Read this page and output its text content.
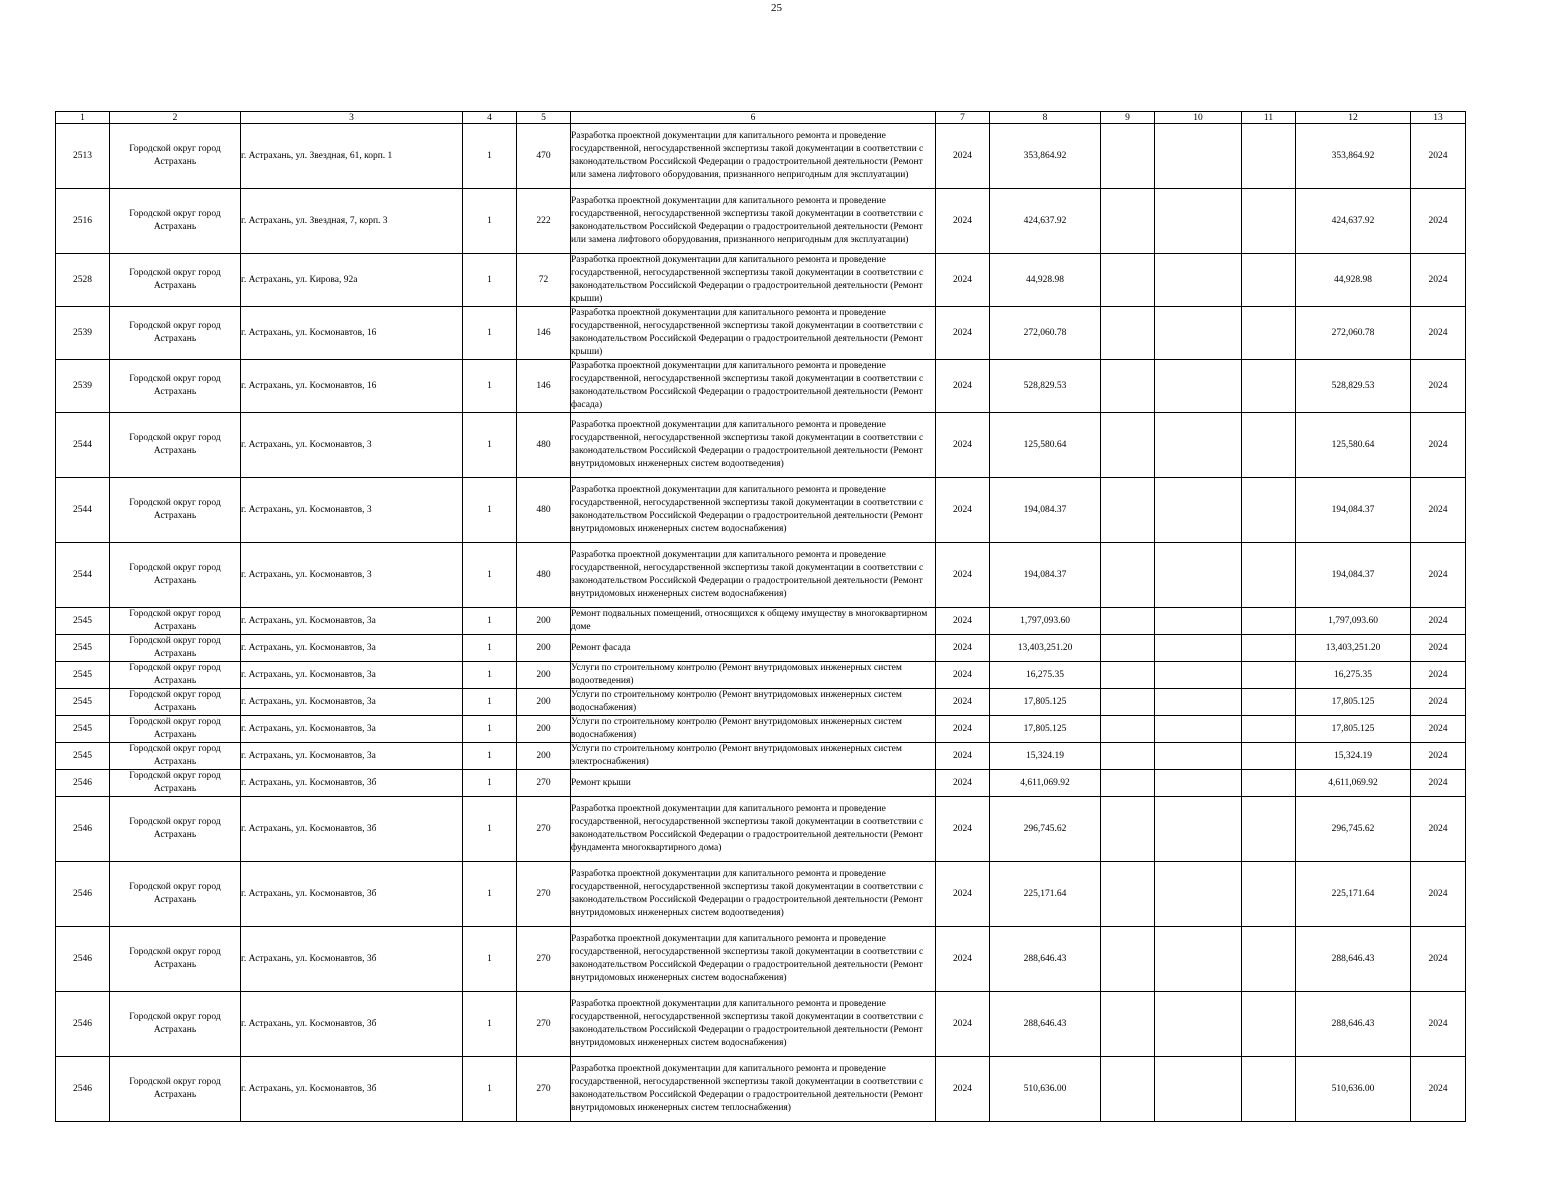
25
1	2	3	4	5	6	7	8	9	10	11	12	13
2513	Городской округ город Астрахань	г. Астрахань, ул. Звездная, 61, корп. 1	1	470	Разработка проектной документации для капитального ремонта и проведение государственной, негосударственной экспертизы такой документации в соответствии с законодательством Российской Федерации о градостроительной деятельности (Ремонт или замена лифтового оборудования, признанного непригодным для эксплуатации)	2024	353,864.92				353,864.92	2024
2516	Городской округ город Астрахань	г. Астрахань, ул. Звездная, 7, корп. 3	1	222	Разработка проектной документации для капитального ремонта и проведение государственной, негосударственной экспертизы такой документации в соответствии с законодательством Российской Федерации о градостроительной деятельности (Ремонт или замена лифтового оборудования, признанного непригодным для эксплуатации)	2024	424,637.92				424,637.92	2024
2528	Городской округ город Астрахань	г. Астрахань, ул. Кирова, 92а	1	72	Разработка проектной документации для капитального ремонта и проведение государственной, негосударственной экспертизы такой документации в соответствии с законодательством Российской Федерации о градостроительной деятельности (Ремонт крыши)	2024	44,928.98				44,928.98	2024
2539	Городской округ город Астрахань	г. Астрахань, ул. Космонавтов, 16	1	146	Разработка проектной документации для капитального ремонта и проведение государственной, негосударственной экспертизы такой документации в соответствии с законодательством Российской Федерации о градостроительной деятельности (Ремонт крыши)	2024	272,060.78				272,060.78	2024
2539	Городской округ город Астрахань	г. Астрахань, ул. Космонавтов, 16	1	146	Разработка проектной документации для капитального ремонта и проведение государственной, негосударственной экспертизы такой документации в соответствии с законодательством Российской Федерации о градостроительной деятельности (Ремонт фасада)	2024	528,829.53				528,829.53	2024
2544	Городской округ город Астрахань	г. Астрахань, ул. Космонавтов, 3	1	480	Разработка проектной документации для капитального ремонта и проведение государственной, негосударственной экспертизы такой документации в соответствии с законодательством Российской Федерации о градостроительной деятельности (Ремонт внутридомовых инженерных систем водоотведения)	2024	125,580.64				125,580.64	2024
2544	Городской округ город Астрахань	г. Астрахань, ул. Космонавтов, 3	1	480	Разработка проектной документации для капитального ремонта и проведение государственной, негосударственной экспертизы такой документации в соответствии с законодательством Российской Федерации о градостроительной деятельности (Ремонт внутридомовых инженерных систем водоснабжения)	2024	194,084.37				194,084.37	2024
2544	Городской округ город Астрахань	г. Астрахань, ул. Космонавтов, 3	1	480	Разработка проектной документации для капитального ремонта и проведение государственной, негосударственной экспертизы такой документации в соответствии с законодательством Российской Федерации о градостроительной деятельности (Ремонт внутридомовых инженерных систем водоснабжения)	2024	194,084.37				194,084.37	2024
2545	Городской округ город Астрахань	г. Астрахань, ул. Космонавтов, 3а	1	200	Ремонт подвальных помещений, относящихся к общему имуществу в многоквартирном доме	2024	1,797,093.60				1,797,093.60	2024
2545	Городской округ город Астрахань	г. Астрахань, ул. Космонавтов, 3а	1	200	Ремонт фасада	2024	13,403,251.20				13,403,251.20	2024
2545	Городской округ город Астрахань	г. Астрахань, ул. Космонавтов, 3а	1	200	Услуги по строительному контролю (Ремонт внутридомовых инженерных систем водоотведения)	2024	16,275.35				16,275.35	2024
2545	Городской округ город Астрахань	г. Астрахань, ул. Космонавтов, 3а	1	200	Услуги по строительному контролю (Ремонт внутридомовых инженерных систем водоснабжения)	2024	17,805.125				17,805.125	2024
2545	Городской округ город Астрахань	г. Астрахань, ул. Космонавтов, 3а	1	200	Услуги по строительному контролю (Ремонт внутридомовых инженерных систем водоснабжения)	2024	17,805.125				17,805.125	2024
2545	Городской округ город Астрахань	г. Астрахань, ул. Космонавтов, 3а	1	200	Услуги по строительному контролю (Ремонт внутридомовых инженерных систем электроснабжения)	2024	15,324.19				15,324.19	2024
2546	Городской округ город Астрахань	г. Астрахань, ул. Космонавтов, 3б	1	270	Ремонт крыши	2024	4,611,069.92				4,611,069.92	2024
2546	Городской округ город Астрахань	г. Астрахань, ул. Космонавтов, 3б	1	270	Разработка проектной документации для капитального ремонта и проведение государственной, негосударственной экспертизы такой документации в соответствии с законодательством Российской Федерации о градостроительной деятельности (Ремонт фундамента многоквартирного дома)	2024	296,745.62				296,745.62	2024
2546	Городской округ город Астрахань	г. Астрахань, ул. Космонавтов, 3б	1	270	Разработка проектной документации для капитального ремонта и проведение государственной, негосударственной экспертизы такой документации в соответствии с законодательством Российской Федерации о градостроительной деятельности (Ремонт внутридомовых инженерных систем водоотведения)	2024	225,171.64				225,171.64	2024
2546	Городской округ город Астрахань	г. Астрахань, ул. Космонавтов, 3б	1	270	Разработка проектной документации для капитального ремонта и проведение государственной, негосударственной экспертизы такой документации в соответствии с законодательством Российской Федерации о градостроительной деятельности (Ремонт внутридомовых инженерных систем водоснабжения)	2024	288,646.43				288,646.43	2024
2546	Городской округ город Астрахань	г. Астрахань, ул. Космонавтов, 3б	1	270	Разработка проектной документации для капитального ремонта и проведение государственной, негосударственной экспертизы такой документации в соответствии с законодательством Российской Федерации о градостроительной деятельности (Ремонт внутридомовых инженерных систем водоснабжения)	2024	288,646.43				288,646.43	2024
2546	Городской округ город Астрахань	г. Астрахань, ул. Космонавтов, 3б	1	270	Разработка проектной документации для капитального ремонта и проведение государственной, негосударственной экспертизы такой документации в соответствии с законодательством Российской Федерации о градостроительной деятельности (Ремонт внутридомовых инженерных систем теплоснабжения)	2024	510,636.00				510,636.00	2024
